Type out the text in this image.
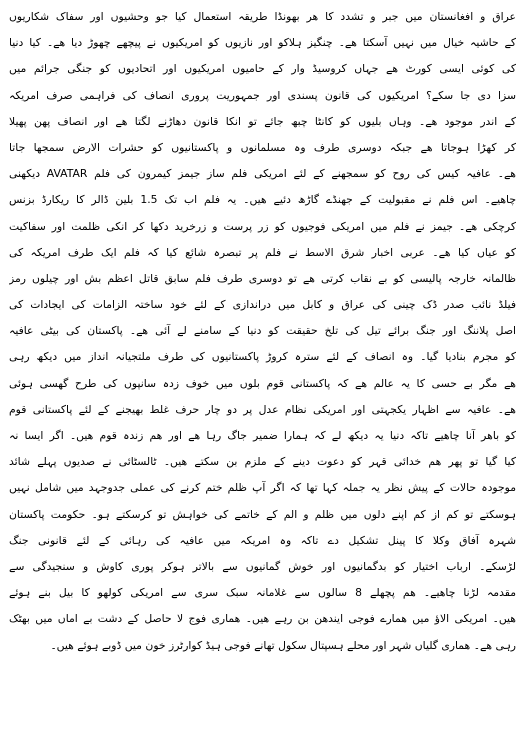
عراق و افغانستان میں جبر و تشدد کا ھر بھونڈا طریقہ استعمال کیا جو وحشیوں اور سفاک شکاریوں
کے حاشیہ خیال میں نہیں آسکتا ھے۔ چنگیز ہلاکو اور نازیوں کو امریکیوں نے پیچھے چھوڑ دیا ھے۔ کیا دنیا
کی کوئی ایسی کورٹ ھے جہاں کروسیڈ وار کے حامیوں امریکیوں اور اتحادیوں کو جنگی جرائم میں
سزا دی جا سکے؟ امریکیوں کی قانون پسندی اور جمہوریت پروری انصاف کی فراہمی صرف امریکہ
کے اندر موجود ھے۔ وہاں بلیوں کو کانٹا چبھ جائے تو انکا قانون دھاڑنے لگتا ھے اور انصاف پھن پھیلا
کر کھڑا ہوجاتا ھے جبکہ دوسری طرف وہ مسلمانوں و پاکستانیوں کو حشرات الارض سمجھا جاتا
ھے۔ عافیہ کیس کی روح کو سمجھنے کے لئے امریکی فلم ساز جیمز کیمرون کی فلم AVATAR دیکھنی
چاھیے۔ اس فلم نے مقبولیت کے جھنڈے گاڑھ دئیے ھیں۔ یہ فلم اب تک 1.5 بلین ڈالر کا ریکارڈ بزنس
کرچکی ھے۔ جیمز نے فلم میں امریکی فوجیوں کو زر پرست و زرخرید دکھا کر انکی ظلمت اور سفاکیت
کو عیاں کیا ھے۔ عربی اخبار شرق الاسط نے فلم پر تبصرہ شائع کیا کہ فلم ایک طرف امریکہ کی
ظالمانہ خارجہ پالیسی کو بے نقاب کرتی ھے تو دوسری طرف فلم سابق قاتل اعظم بش اور چیلوں رمز
فیلڈ نائب صدر ڈک چینی کی عراق و کابل میں دراندازی کے لئے خود ساختہ الزامات کی ایجادات کی
اصل پلاننگ اور جنگ برائے تیل کی تلخ حقیقت کو دنیا کے سامنے لے آئی ھے۔ پاکستان کی بیٹی عافیہ
کو مجرم بنادیا گیا۔ وہ انصاف کے لئے سترہ کروڑ پاکستانیوں کی طرف ملتجیانہ انداز میں دیکھ رہی
ھے مگر بے حسی کا یہ عالم ھے کہ پاکستانی قوم بلوں میں خوف زدہ سانپوں کی طرح گھسی ہوئی
ھے۔ عافیہ سے اظہار یکجہتی اور امریکی نظام عدل پر دو چار حرف غلط بھیجنے کے لئے پاکستانی قوم
کو باھر آنا چاھیے تاکہ دنیا یہ دیکھ لے کہ ہمارا ضمیر جاگ رہا ھے اور ھم زندہ قوم ھیں۔ اگر ایسا نہ
کیا گیا تو پھر ھم خدائی قہر کو دعوت دینے کے ملزم بن سکتے ھیں۔ ٹالسٹائی نے صدیوں پہلے شائد
موجودہ حالات کے پیش نظر یہ جملہ کہا تھا کہ اگر آپ ظلم ختم کرنے کی عملی جدوجہد میں شامل نہیں
ہوسکتے تو کم از کم اپنے دلوں میں ظلم و الم کے خاتمے کی خواہش تو کرسکتے ہو۔ حکومت پاکستان
شہرہ آفاق وکلا کا پینل تشکیل دے تاکہ وہ امریکہ میں عافیہ کی رہائی کے لئے قانونی جنگ
لڑسکے۔ ارباب اختیار کو بدگمانیوں اور خوش گمانیوں سے بالاتر ہوکر پوری کاوش و سنجیدگی سے
مقدمہ لڑنا چاھیے۔ ھم پچھلے 8 سالوں سے غلامانہ سبک سری سے امریکی کولھو کا بیل بنے ہوئے
ھیں۔ امریکی الاؤ میں ھمارے فوجی ایندھن بن رہے ھیں۔ ھماری فوج لا حاصل کے دشت بے اماں میں بھٹک
رہی ھے۔ ھماری گلیاں شہر اور محلے ہسپتال سکول تھانے فوجی ہیڈ کوارٹرز خون میں ڈوبے ہوئے ھیں۔
